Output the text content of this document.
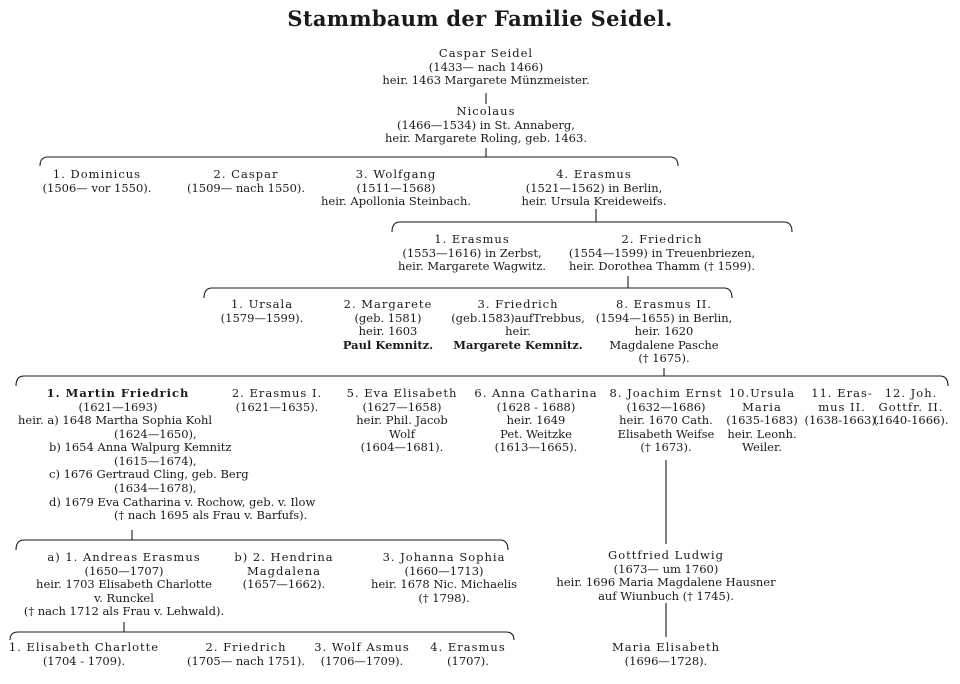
Stammbaum der Familie Seidel.
Caspar Seidel
(1433— nach 1466)
heir. 1463 Margarete Münzmeister.
Nicolaus
(1466—1534) in St. Annaberg,
heir. Margarete Roling, geb. 1463.
1. Dominicus
(1506— vor 1550).
2. Caspar
(1509— nach 1550).
3. Wolfgang
(1511—1568)
heir. Apollonia Steinbach.
4. Erasmus
(1521—1562) in Berlin,
heir. Ursula Kreideweifs.
1. Erasmus
(1553—1616) in Zerbst,
heir. Margarete Wagwitz.
2. Friedrich
(1554—1599) in Treuenbriezen,
heir. Dorothea Thamm († 1599).
1. Ursala
(1579—1599).
2. Margarete
(geb. 1581)
heir. 1603
Paul Kemnitz.
3. Friedrich
(geb.1583)aufTrebbus,
heir.
Margarete Kemnitz.
8. Erasmus II.
(1594—1655) in Berlin,
heir. 1620
Magdalene Pasche
(† 1675).
1. Martin Friedrich
(1621—1693)
heir. a) 1648 Martha Sophia Kohl
(1624—1650),
b) 1654 Anna Walpurg Kemnitz
(1615—1674),
c) 1676 Gertraud Cling, geb. Berg
(1634—1678),
d) 1679 Eva Catharina v. Rochow, geb. v. Ilow
(† nach 1695 als Frau v. Barfufs).
2. Erasmus I.
(1621—1635).
5. Eva Elisabeth
(1627—1658)
heir. Phil. Jacob
Wolf
(1604—1681).
6. Anna Catharina
(1628 - 1688)
heir. 1649
Pet. Weitzke
(1613—1665).
8. Joachim Ernst
(1632—1686)
heir. 1670 Cath.
Elisabeth Weifse
(† 1673).
10.Ursula
Maria
(1635-1683)
heir. Leonh.
Weiler.
11. Eras-
mus II.
(1638-1663).
12. Joh.
Gottfr. II.
(1640-1666).
a) 1. Andreas Erasmus
(1650—1707)
heir. 1703 Elisabeth Charlotte
v. Runckel
(† nach 1712 als Frau v. Lehwald).
b) 2. Hendrina
Magdalena
(1657—1662).
3. Johanna Sophia
(1660—1713)
heir. 1678 Nic. Michaelis
(† 1798).
Gottfried Ludwig
(1673— um 1760)
heir. 1696 Maria Magdalene Hausner
auf Wiunbuch († 1745).
1. Elisabeth Charlotte
(1704 - 1709).
2. Friedrich
(1705— nach 1751).
3. Wolf Asmus
(1706—1709).
4. Erasmus
(1707).
Maria Elisabeth
(1696—1728).
